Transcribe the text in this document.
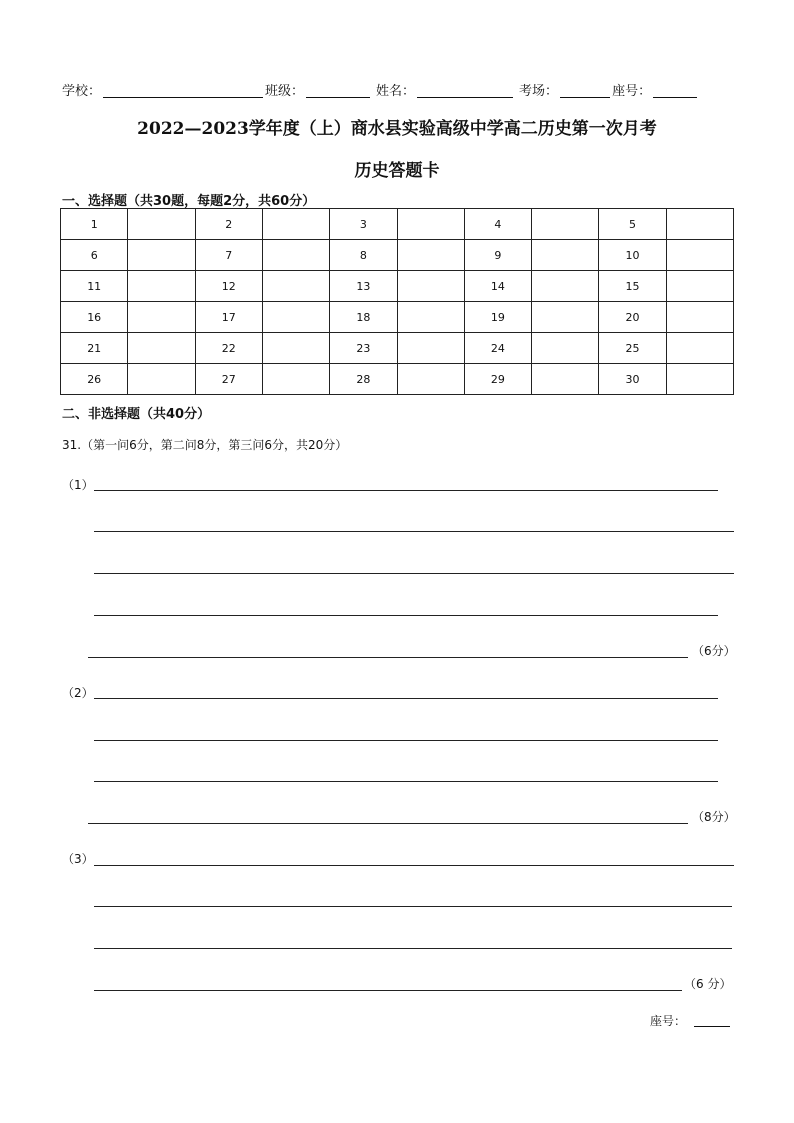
学校：	班级：	姓名：	考场：	座号：
2022—2023学年度（上）商水县实验高级中学高二历史第一次月考
历史答题卡
一、选择题（共30题，每题2分，共60分）
1		2		3		4		5	
6		7		8		9		10	
11		12		13		14		15	
16		17		18		19		20	
21		22		23		24		25	
26		27		28		29		30	
二、非选择题（共40分）
31.（第一问6分，第二问8分，第三问6分，共20分）
（1）
（6分）
（2）
（8分）
（3）
（6 分）
座号：
